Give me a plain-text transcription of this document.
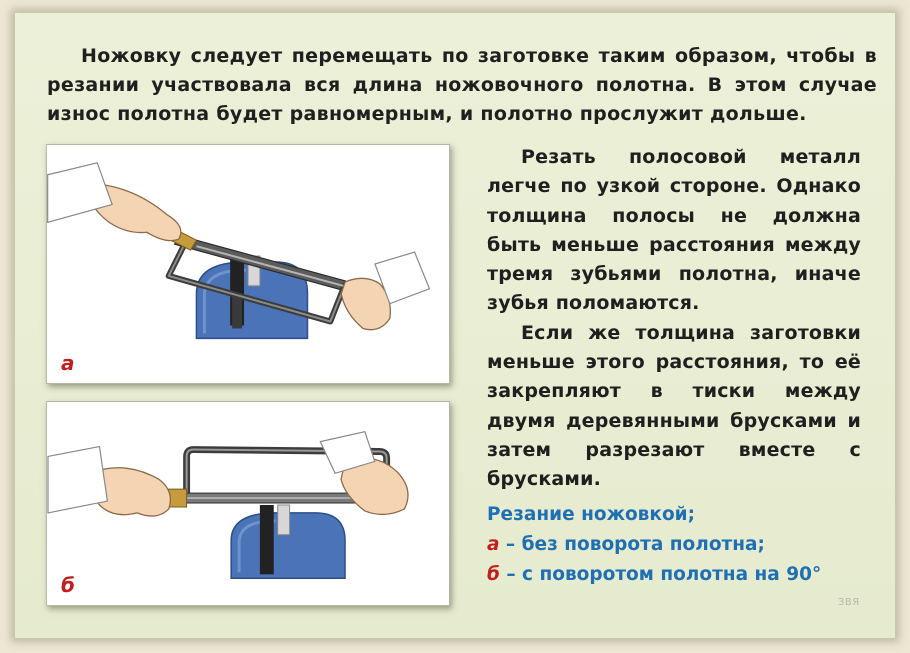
Ножовку следует перемещать по заготовке таким образом, чтобы в резании участвовала вся длина ножовочного полотна. В этом случае износ полотна будет равномерным, и полотно прослужит дольше.
а
б

Резать полосовой металл легче по узкой стороне. Однако толщина полосы не должна быть меньше расстояния между тремя зубьями полотна, иначе зубья поломаются.

Если же толщина заготовки меньше этого расстояния, то её закрепляют в тиски между двумя деревянными брусками и затем разрезают вместе с брусками.

Резание ножовкой;
а – без поворота полотна;
б – с поворотом полотна на 90°
ЗВЯ
